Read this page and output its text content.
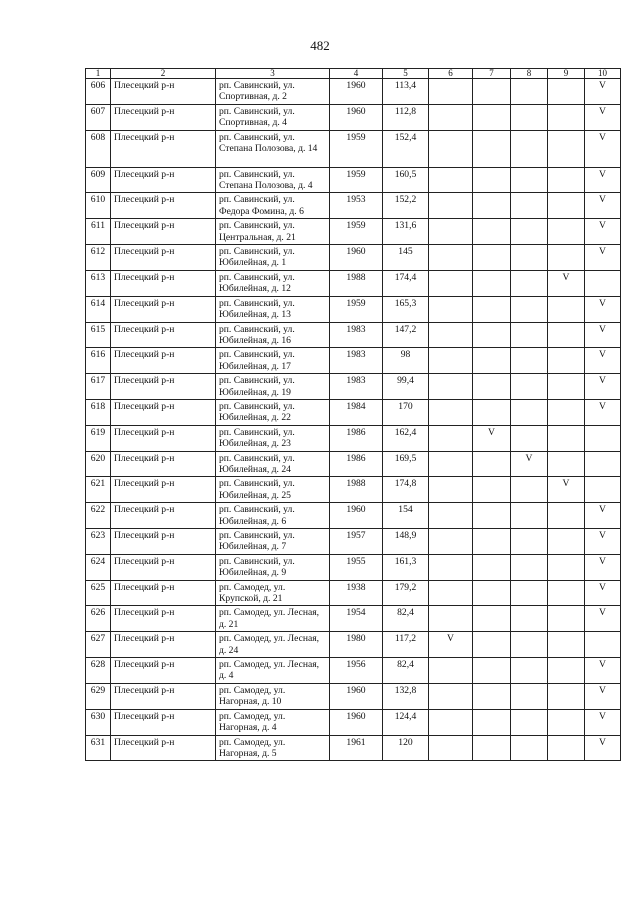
482
1	2	3	4	5	6	7	8	9	10
606	Плесецкий р-н	рп. Савинский, ул. Спортивная, д. 2	1960	113,4					V
607	Плесецкий р-н	рп. Савинский, ул. Спортивная, д. 4	1960	112,8					V
608	Плесецкий р-н	рп. Савинский, ул. Степана Полозова, д. 14	1959	152,4					V
609	Плесецкий р-н	рп. Савинский, ул. Степана Полозова, д. 4	1959	160,5					V
610	Плесецкий р-н	рп. Савинский, ул. Федора Фомина, д. 6	1953	152,2					V
611	Плесецкий р-н	рп. Савинский, ул. Центральная, д. 21	1959	131,6					V
612	Плесецкий р-н	рп. Савинский, ул. Юбилейная, д. 1	1960	145					V
613	Плесецкий р-н	рп. Савинский, ул. Юбилейная, д. 12	1988	174,4				V	
614	Плесецкий р-н	рп. Савинский, ул. Юбилейная, д. 13	1959	165,3					V
615	Плесецкий р-н	рп. Савинский, ул. Юбилейная, д. 16	1983	147,2					V
616	Плесецкий р-н	рп. Савинский, ул. Юбилейная, д. 17	1983	98					V
617	Плесецкий р-н	рп. Савинский, ул. Юбилейная, д. 19	1983	99,4					V
618	Плесецкий р-н	рп. Савинский, ул. Юбилейная, д. 22	1984	170					V
619	Плесецкий р-н	рп. Савинский, ул. Юбилейная, д. 23	1986	162,4		V			
620	Плесецкий р-н	рп. Савинский, ул. Юбилейная, д. 24	1986	169,5			V		
621	Плесецкий р-н	рп. Савинский, ул. Юбилейная, д. 25	1988	174,8				V	
622	Плесецкий р-н	рп. Савинский, ул. Юбилейная, д. 6	1960	154					V
623	Плесецкий р-н	рп. Савинский, ул. Юбилейная, д. 7	1957	148,9					V
624	Плесецкий р-н	рп. Савинский, ул. Юбилейная, д. 9	1955	161,3					V
625	Плесецкий р-н	рп. Самодед, ул. Крупской, д. 21	1938	179,2					V
626	Плесецкий р-н	рп. Самодед, ул. Лесная, д. 21	1954	82,4					V
627	Плесецкий р-н	рп. Самодед, ул. Лесная, д. 24	1980	117,2	V				
628	Плесецкий р-н	рп. Самодед, ул. Лесная, д. 4	1956	82,4					V
629	Плесецкий р-н	рп. Самодед, ул. Нагорная, д. 10	1960	132,8					V
630	Плесецкий р-н	рп. Самодед, ул. Нагорная, д. 4	1960	124,4					V
631	Плесецкий р-н	рп. Самодед, ул. Нагорная, д. 5	1961	120					V
